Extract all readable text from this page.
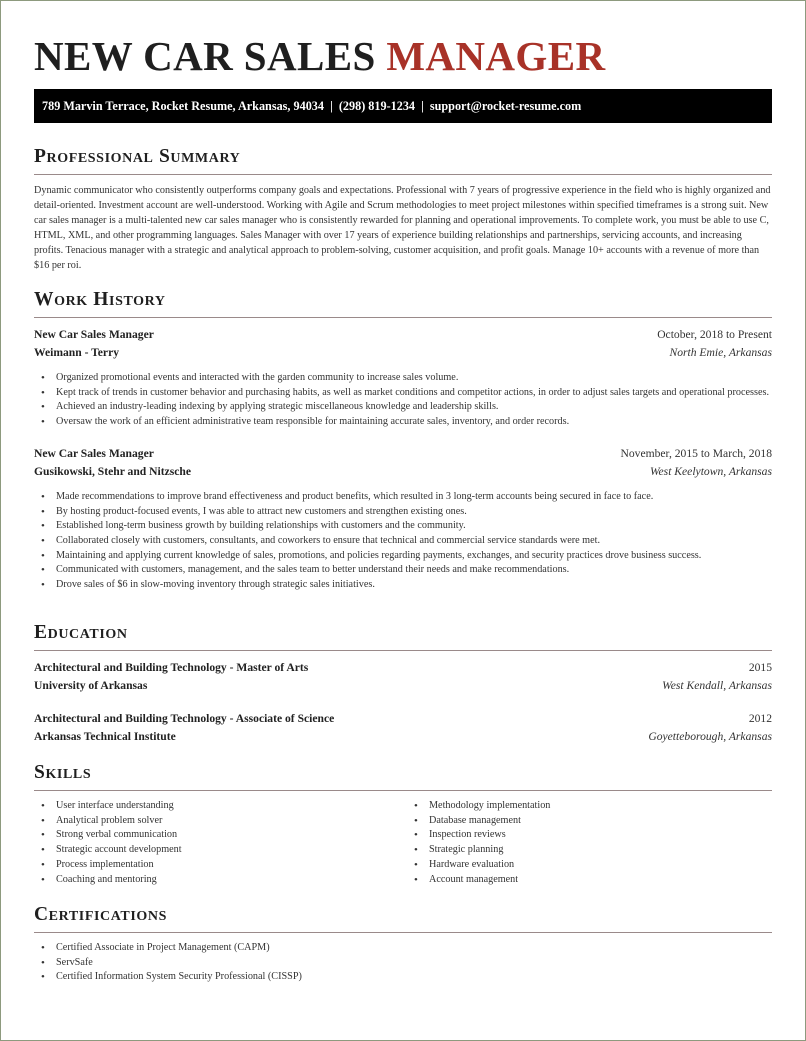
NEW CAR SALES MANAGER
789 Marvin Terrace, Rocket Resume, Arkansas, 94034  |  (298) 819-1234  |  support@rocket-resume.com
Professional Summary
Dynamic communicator who consistently outperforms company goals and expectations. Professional with 7 years of progressive experience in the field who is highly organized and detail-oriented. Investment account are well-understood. Working with Agile and Scrum methodologies to meet project milestones within specified timeframes is a strong suit. New car sales manager is a multi-talented new car sales manager who is consistently rewarded for planning and operational improvements. To complete work, you must be able to use C, HTML, XML, and other programming languages. Sales Manager with over 17 years of experience building relationships and partnerships, servicing accounts, and increasing profits. Tenacious manager with a strategic and analytical approach to problem-solving, customer acquisition, and profit goals. Manage 10+ accounts with a revenue of more than $16 per roi.
Work History
New Car Sales Manager	October, 2018 to Present
Weimann - Terry	North Emie, Arkansas
• Organized promotional events and interacted with the garden community to increase sales volume.
• Kept track of trends in customer behavior and purchasing habits, as well as market conditions and competitor actions, in order to adjust sales targets and operational processes.
• Achieved an industry-leading indexing by applying strategic miscellaneous knowledge and leadership skills.
• Oversaw the work of an efficient administrative team responsible for maintaining accurate sales, inventory, and order records.
New Car Sales Manager	November, 2015 to March, 2018
Gusikowski, Stehr and Nitzsche	West Keelytown, Arkansas
• Made recommendations to improve brand effectiveness and product benefits, which resulted in 3 long-term accounts being secured in face to face.
• By hosting product-focused events, I was able to attract new customers and strengthen existing ones.
• Established long-term business growth by building relationships with customers and the community.
• Collaborated closely with customers, consultants, and coworkers to ensure that technical and commercial service standards were met.
• Maintaining and applying current knowledge of sales, promotions, and policies regarding payments, exchanges, and security practices drove business success.
• Communicated with customers, management, and the sales team to better understand their needs and make recommendations.
• Drove sales of $6 in slow-moving inventory through strategic sales initiatives.
Education
Architectural and Building Technology - Master of Arts	2015
University of Arkansas	West Kendall, Arkansas
Architectural and Building Technology - Associate of Science	2012
Arkansas Technical Institute	Goyetteborough, Arkansas
Skills
• User interface understanding
• Analytical problem solver
• Strong verbal communication
• Strategic account development
• Process implementation
• Coaching and mentoring
• Methodology implementation
• Database management
• Inspection reviews
• Strategic planning
• Hardware evaluation
• Account management
Certifications
• Certified Associate in Project Management (CAPM)
• ServSafe
• Certified Information System Security Professional (CISSP)
